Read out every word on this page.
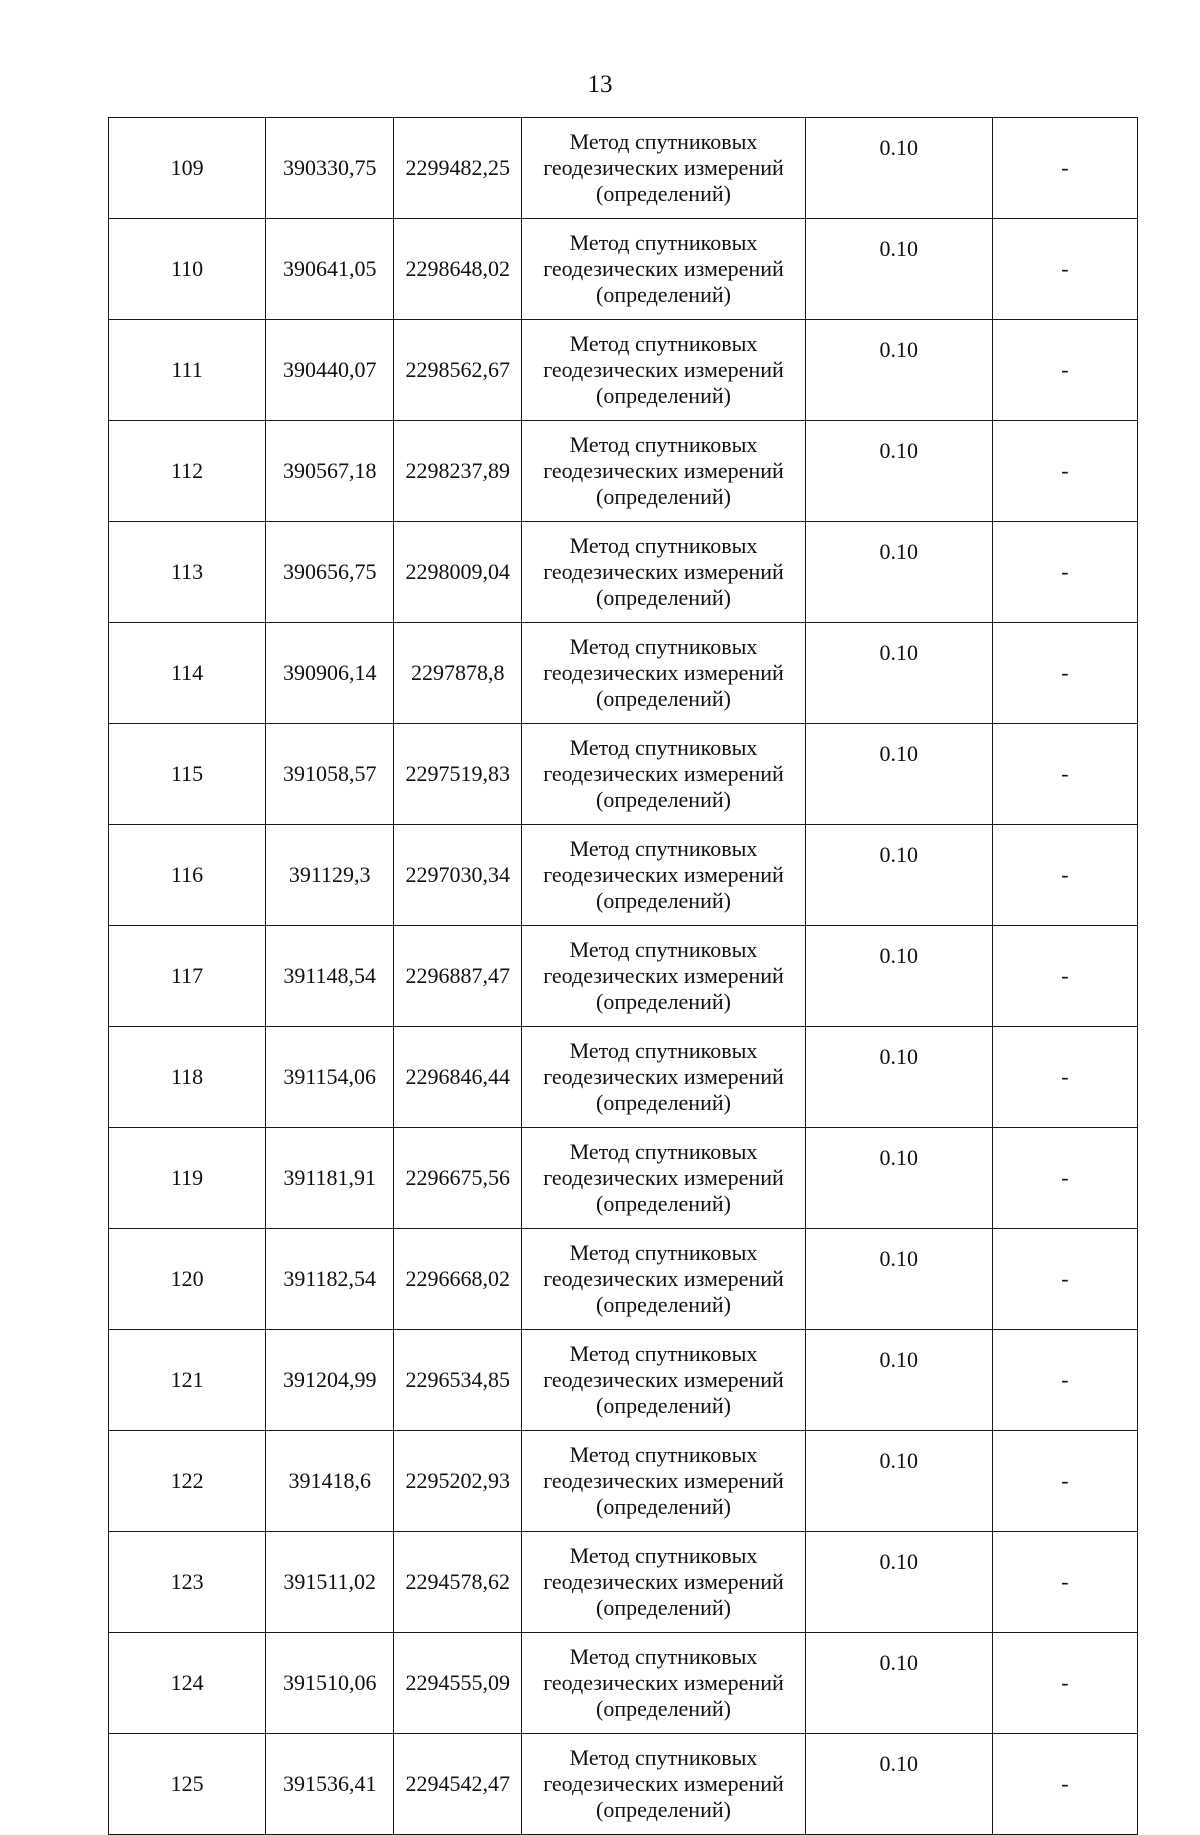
13
109	390330,75	2299482,25	Метод спутниковых геодезических измерений (определений)	0.10	-
110	390641,05	2298648,02	Метод спутниковых геодезических измерений (определений)	0.10	-
111	390440,07	2298562,67	Метод спутниковых геодезических измерений (определений)	0.10	-
112	390567,18	2298237,89	Метод спутниковых геодезических измерений (определений)	0.10	-
113	390656,75	2298009,04	Метод спутниковых геодезических измерений (определений)	0.10	-
114	390906,14	2297878,8	Метод спутниковых геодезических измерений (определений)	0.10	-
115	391058,57	2297519,83	Метод спутниковых геодезических измерений (определений)	0.10	-
116	391129,3	2297030,34	Метод спутниковых геодезических измерений (определений)	0.10	-
117	391148,54	2296887,47	Метод спутниковых геодезических измерений (определений)	0.10	-
118	391154,06	2296846,44	Метод спутниковых геодезических измерений (определений)	0.10	-
119	391181,91	2296675,56	Метод спутниковых геодезических измерений (определений)	0.10	-
120	391182,54	2296668,02	Метод спутниковых геодезических измерений (определений)	0.10	-
121	391204,99	2296534,85	Метод спутниковых геодезических измерений (определений)	0.10	-
122	391418,6	2295202,93	Метод спутниковых геодезических измерений (определений)	0.10	-
123	391511,02	2294578,62	Метод спутниковых геодезических измерений (определений)	0.10	-
124	391510,06	2294555,09	Метод спутниковых геодезических измерений (определений)	0.10	-
125	391536,41	2294542,47	Метод спутниковых геодезических измерений (определений)	0.10	-
